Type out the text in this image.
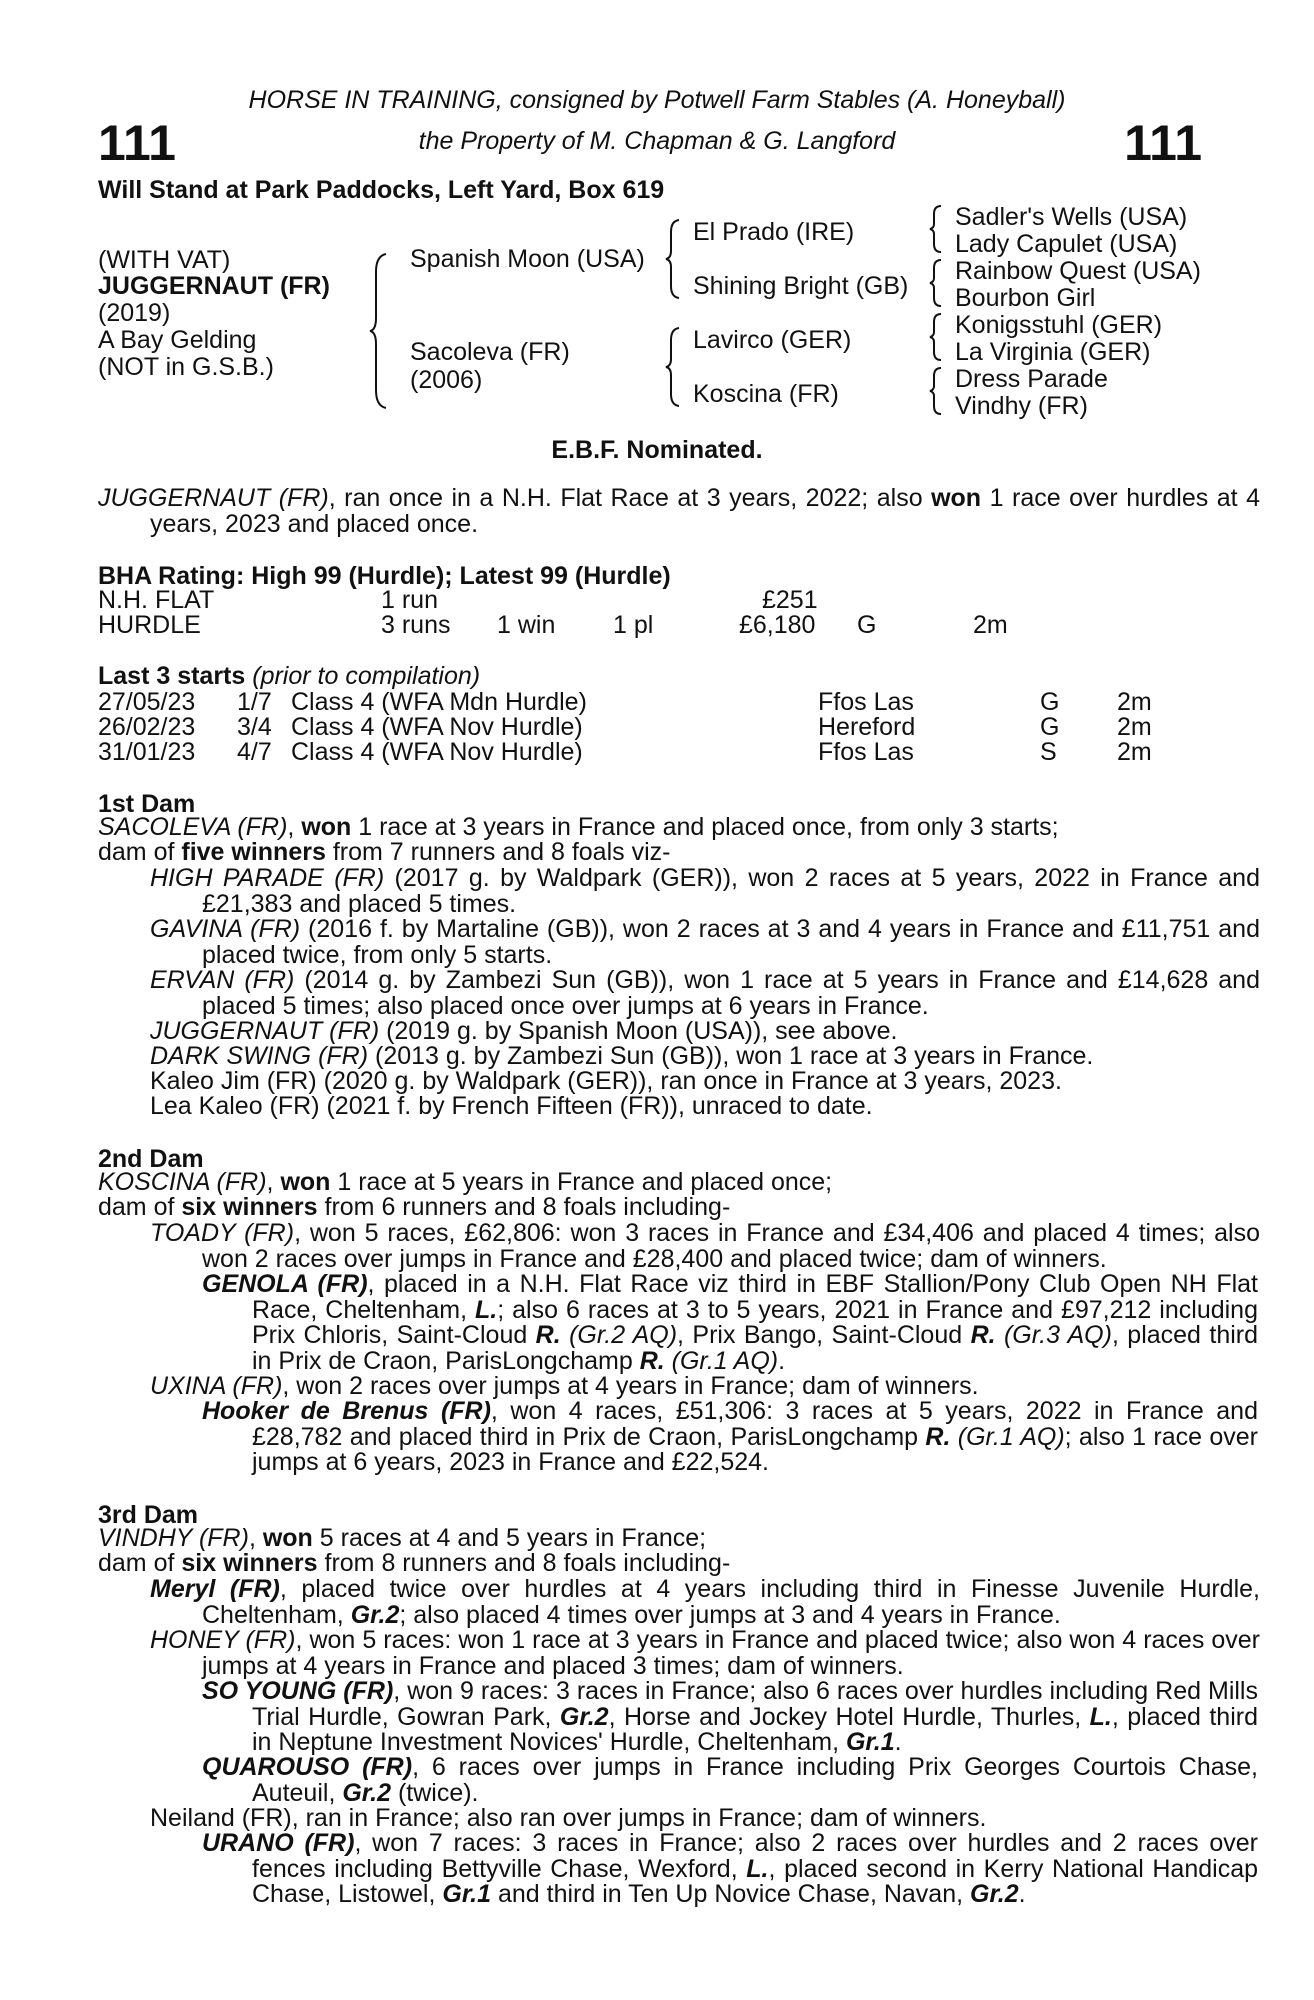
111	111
HORSE IN TRAINING, consigned by Potwell Farm Stables (A. Honeyball)
the Property of M. Chapman & G. Langford
Will Stand at Park Paddocks, Left Yard, Box 619
(WITH VAT)
JUGGERNAUT (FR)
(2019)
A Bay Gelding
(NOT in G.S.B.)
Spanish Moon (USA)
Sacoleva (FR)
(2006)
El Prado (IRE)
Shining Bright (GB)
Lavirco (GER)
Koscina (FR)
Sadler's Wells (USA)
Lady Capulet (USA)
Rainbow Quest (USA)
Bourbon Girl
Konigsstuhl (GER)
La Virginia (GER)
Dress Parade
Vindhy (FR)
E.B.F. Nominated.
JUGGERNAUT (FR), ran once in a N.H. Flat Race at 3 years, 2022; also won 1 race over hurdles at 4 years, 2023 and placed once.
BHA Rating: High 99 (Hurdle); Latest 99 (Hurdle)
N.H. FLAT	1 run	£251
HURDLE	3 runs 1 win 1 pl	£6,180 G	2m
Last 3 starts (prior to compilation)
27/05/23 1/7 Class 4 (WFA Mdn Hurdle)	Ffos Las	G 2m
26/02/23 3/4 Class 4 (WFA Nov Hurdle)	Hereford	G 2m
31/01/23 4/7 Class 4 (WFA Nov Hurdle)	Ffos Las	S 2m
1st Dam
SACOLEVA (FR), won 1 race at 3 years in France and placed once, from only 3 starts;
dam of five winners from 7 runners and 8 foals viz-
HIGH PARADE (FR) (2017 g. by Waldpark (GER)), won 2 races at 5 years, 2022 in France and £21,383 and placed 5 times.
GAVINA (FR) (2016 f. by Martaline (GB)), won 2 races at 3 and 4 years in France and £11,751 and placed twice, from only 5 starts.
ERVAN (FR) (2014 g. by Zambezi Sun (GB)), won 1 race at 5 years in France and £14,628 and placed 5 times; also placed once over jumps at 6 years in France.
JUGGERNAUT (FR) (2019 g. by Spanish Moon (USA)), see above.
DARK SWING (FR) (2013 g. by Zambezi Sun (GB)), won 1 race at 3 years in France.
Kaleo Jim (FR) (2020 g. by Waldpark (GER)), ran once in France at 3 years, 2023.
Lea Kaleo (FR) (2021 f. by French Fifteen (FR)), unraced to date.
2nd Dam
KOSCINA (FR), won 1 race at 5 years in France and placed once;
dam of six winners from 6 runners and 8 foals including-
TOADY (FR), won 5 races, £62,806: won 3 races in France and £34,406 and placed 4 times; also won 2 races over jumps in France and £28,400 and placed twice; dam of winners.
GENOLA (FR), placed in a N.H. Flat Race viz third in EBF Stallion/Pony Club Open NH Flat Race, Cheltenham, L.; also 6 races at 3 to 5 years, 2021 in France and £97,212 including Prix Chloris, Saint-Cloud R. (Gr.2 AQ), Prix Bango, Saint-Cloud R. (Gr.3 AQ), placed third in Prix de Craon, ParisLongchamp R. (Gr.1 AQ).
UXINA (FR), won 2 races over jumps at 4 years in France; dam of winners.
Hooker de Brenus (FR), won 4 races, £51,306: 3 races at 5 years, 2022 in France and £28,782 and placed third in Prix de Craon, ParisLongchamp R. (Gr.1 AQ); also 1 race over jumps at 6 years, 2023 in France and £22,524.
3rd Dam
VINDHY (FR), won 5 races at 4 and 5 years in France;
dam of six winners from 8 runners and 8 foals including-
Meryl (FR), placed twice over hurdles at 4 years including third in Finesse Juvenile Hurdle, Cheltenham, Gr.2; also placed 4 times over jumps at 3 and 4 years in France.
HONEY (FR), won 5 races: won 1 race at 3 years in France and placed twice; also won 4 races over jumps at 4 years in France and placed 3 times; dam of winners.
SO YOUNG (FR), won 9 races: 3 races in France; also 6 races over hurdles including Red Mills Trial Hurdle, Gowran Park, Gr.2, Horse and Jockey Hotel Hurdle, Thurles, L., placed third in Neptune Investment Novices' Hurdle, Cheltenham, Gr.1.
QUAROUSO (FR), 6 races over jumps in France including Prix Georges Courtois Chase, Auteuil, Gr.2 (twice).
Neiland (FR), ran in France; also ran over jumps in France; dam of winners.
URANO (FR), won 7 races: 3 races in France; also 2 races over hurdles and 2 races over fences including Bettyville Chase, Wexford, L., placed second in Kerry National Handicap Chase, Listowel, Gr.1 and third in Ten Up Novice Chase, Navan, Gr.2.
